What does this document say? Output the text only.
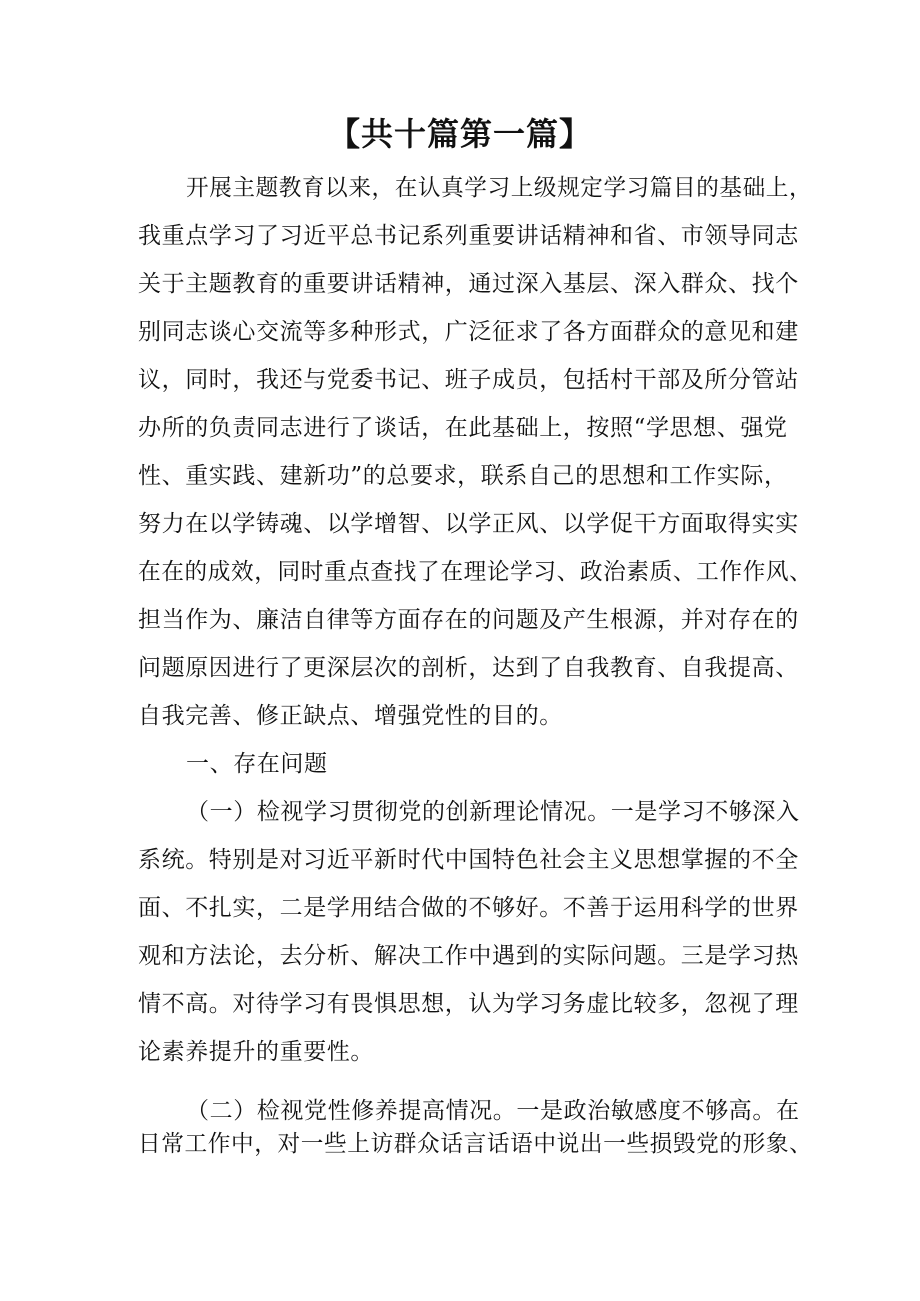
【共十篇第一篇】
开展主题教育以来，在认真学习上级规定学习篇目的基础上，
我重点学习了习近平总书记系列重要讲话精神和省、市领导同志
关于主题教育的重要讲话精神，通过深入基层、深入群众、找个
别同志谈心交流等多种形式，广泛征求了各方面群众的意见和建
议，同时，我还与党委书记、班子成员，包括村干部及所分管站
办所的负责同志进行了谈话，在此基础上，按照“学思想、强党
性、重实践、建新功”的总要求，联系自己的思想和工作实际，
努力在以学铸魂、以学增智、以学正风、以学促干方面取得实实
在在的成效，同时重点查找了在理论学习、政治素质、工作作风、
担当作为、廉洁自律等方面存在的问题及产生根源，并对存在的
问题原因进行了更深层次的剖析，达到了自我教育、自我提高、
自我完善、修正缺点、增强党性的目的。
一、存在问题
（一）检视学习贯彻党的创新理论情况。一是学习不够深入
系统。特别是对习近平新时代中国特色社会主义思想掌握的不全
面、不扎实，二是学用结合做的不够好。不善于运用科学的世界
观和方法论，去分析、解决工作中遇到的实际问题。三是学习热
情不高。对待学习有畏惧思想，认为学习务虚比较多，忽视了理
论素养提升的重要性。
（二）检视党性修养提高情况。一是政治敏感度不够高。在
日常工作中，对一些上访群众话言话语中说出一些损毁党的形象、
